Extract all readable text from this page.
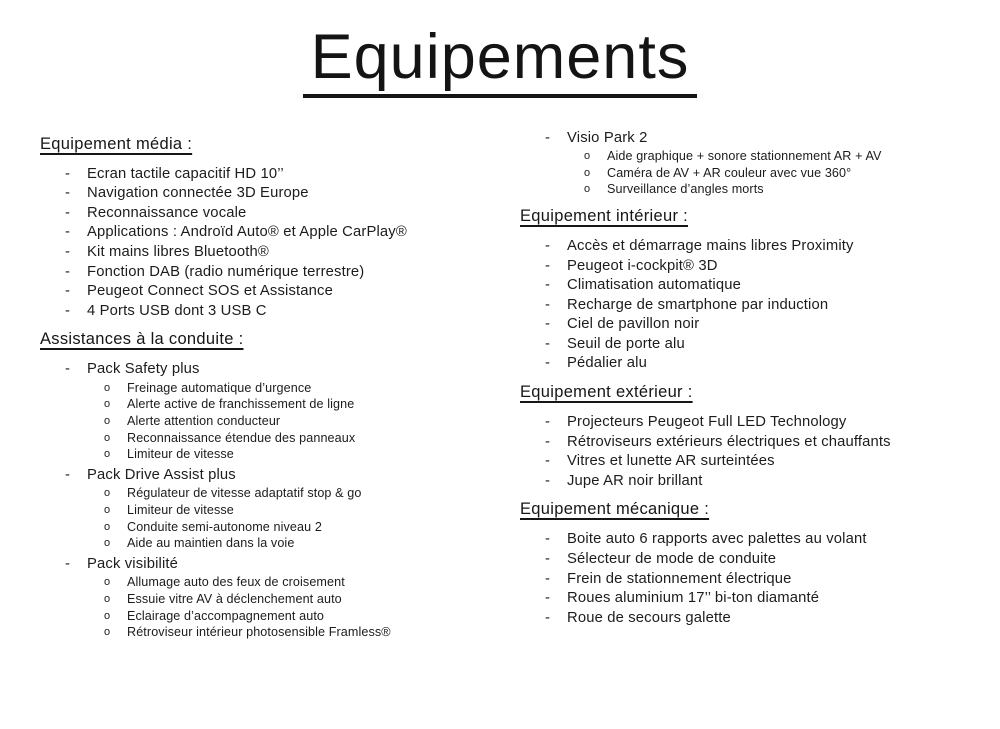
Equipements
Equipement média :
-	Ecran tactile capacitif HD 10’’
-	Navigation connectée 3D Europe
-	Reconnaissance vocale
-	Applications : Androïd Auto® et Apple CarPlay®
-	Kit mains libres Bluetooth®
-	Fonction DAB (radio numérique terrestre)
-	Peugeot Connect SOS et Assistance
-	4 Ports USB dont 3 USB C
Assistances à la conduite :
-	Pack Safety plus
o	Freinage automatique d’urgence
o	Alerte active de franchissement de ligne
o	Alerte attention conducteur
o	Reconnaissance étendue des panneaux
o	Limiteur de vitesse
-	Pack Drive Assist plus
o	Régulateur de vitesse adaptatif stop & go
o	Limiteur de vitesse
o	Conduite semi-autonome niveau 2
o	Aide au maintien dans la voie
-	Pack visibilité
o	Allumage auto des feux de croisement
o	Essuie vitre AV à déclenchement auto
o	Eclairage d’accompagnement auto
o	Rétroviseur intérieur photosensible Framless®
-	Visio Park 2
o	Aide graphique + sonore stationnement AR + AV
o	Caméra de AV + AR couleur avec vue 360°
o	Surveillance d’angles morts
Equipement intérieur :
-	Accès et démarrage mains libres Proximity
-	Peugeot i-cockpit® 3D
-	Climatisation automatique
-	Recharge de smartphone par induction
-	Ciel de pavillon noir
-	Seuil de porte alu
-	Pédalier alu
Equipement extérieur :
-	Projecteurs Peugeot Full LED Technology
-	Rétroviseurs extérieurs électriques et chauffants
-	Vitres et lunette AR surteintées
-	Jupe AR noir brillant
Equipement mécanique :
-	Boite auto 6 rapports avec palettes au volant
-	Sélecteur de mode de conduite
-	Frein de stationnement électrique
-	Roues aluminium 17’’ bi-ton diamanté
-	Roue de secours galette
